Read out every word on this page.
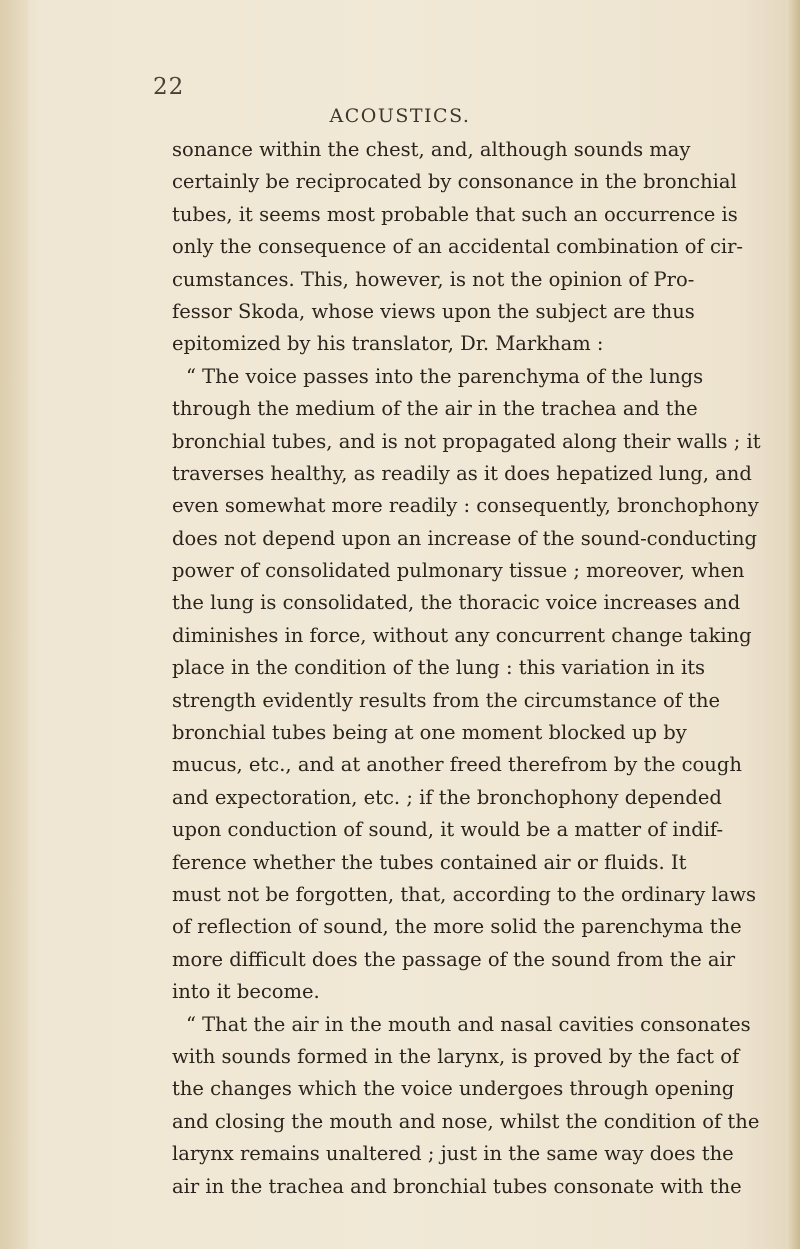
22
ACOUSTICS.
sonance within the chest, and, although sounds may
certainly be reciprocated by consonance in the bronchial
tubes, it seems most probable that such an occurrence is
only the consequence of an accidental combination of cir-
cumstances. This, however, is not the opinion of Pro-
fessor Skoda, whose views upon the subject are thus
epitomized by his translator, Dr. Markham :
“ The voice passes into the parenchyma of the lungs
through the medium of the air in the trachea and the
bronchial tubes, and is not propagated along their walls ; it
traverses healthy, as readily as it does hepatized lung, and
even somewhat more readily : consequently, bronchophony
does not depend upon an increase of the sound-conducting
power of consolidated pulmonary tissue ; moreover, when
the lung is consolidated, the thoracic voice increases and
diminishes in force, without any concurrent change taking
place in the condition of the lung : this variation in its
strength evidently results from the circumstance of the
bronchial tubes being at one moment blocked up by
mucus, etc., and at another freed therefrom by the cough
and expectoration, etc. ; if the bronchophony depended
upon conduction of sound, it would be a matter of indif-
ference whether the tubes contained air or fluids. It
must not be forgotten, that, according to the ordinary laws
of reflection of sound, the more solid the parenchyma the
more difficult does the passage of the sound from the air
into it become.
“ That the air in the mouth and nasal cavities consonates
with sounds formed in the larynx, is proved by the fact of
the changes which the voice undergoes through opening
and closing the mouth and nose, whilst the condition of the
larynx remains unaltered ; just in the same way does the
air in the trachea and bronchial tubes consonate with the
